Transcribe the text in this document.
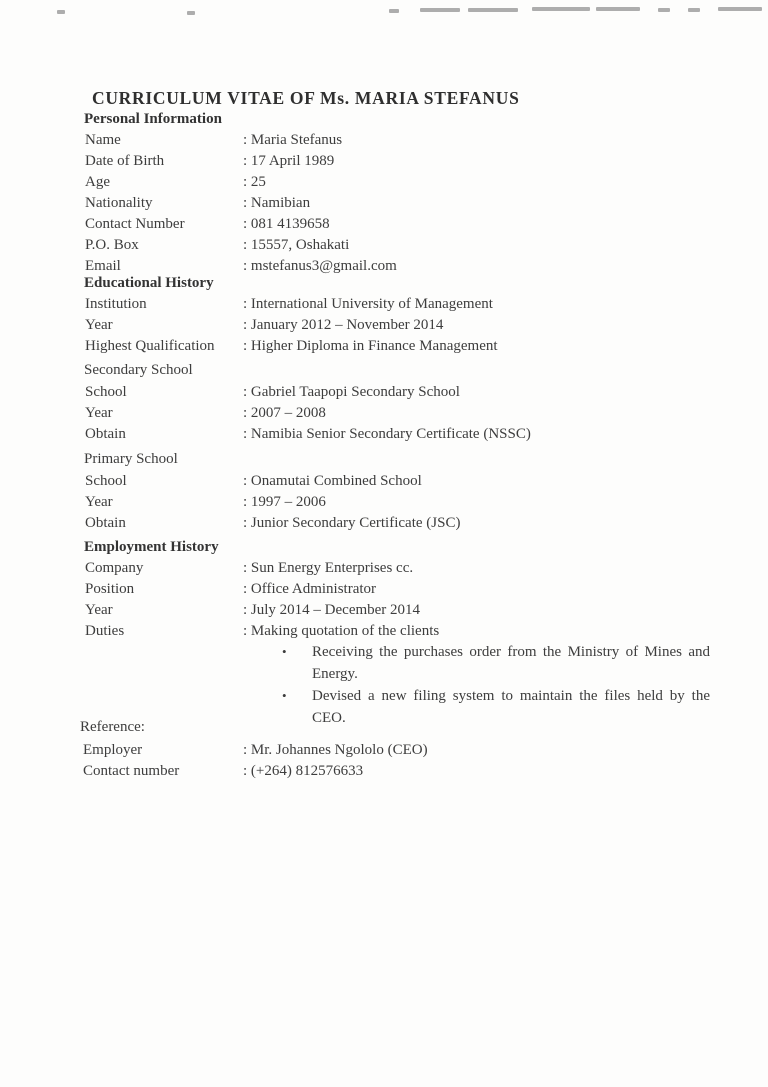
CURRICULUM VITAE OF Ms. MARIA STEFANUS
Personal Information
Name	: Maria Stefanus
Date of Birth	: 17 April 1989
Age	: 25
Nationality	: Namibian
Contact Number	: 081 4139658
P.O. Box	: 15557, Oshakati
Email	: mstefanus3@gmail.com
Educational History
Institution	: International University of Management
Year	: January 2012 – November 2014
Highest Qualification	: Higher Diploma in Finance Management
Secondary School
School	: Gabriel Taapopi Secondary School
Year	: 2007 – 2008
Obtain	: Namibia Senior Secondary Certificate (NSSC)
Primary School
School	: Onamutai Combined School
Year	: 1997 – 2006
Obtain	: Junior Secondary Certificate (JSC)
Employment History
Company	: Sun Energy Enterprises cc.
Position	: Office Administrator
Year	: July 2014 – December 2014
Duties	: Making quotation of the clients
•	Receiving the purchases order from the Ministry of Mines and Energy.
•	Devised a new filing system to maintain the files held by the CEO.
Reference:
Employer	: Mr. Johannes Ngololo (CEO)
Contact number	: (+264) 812576633
